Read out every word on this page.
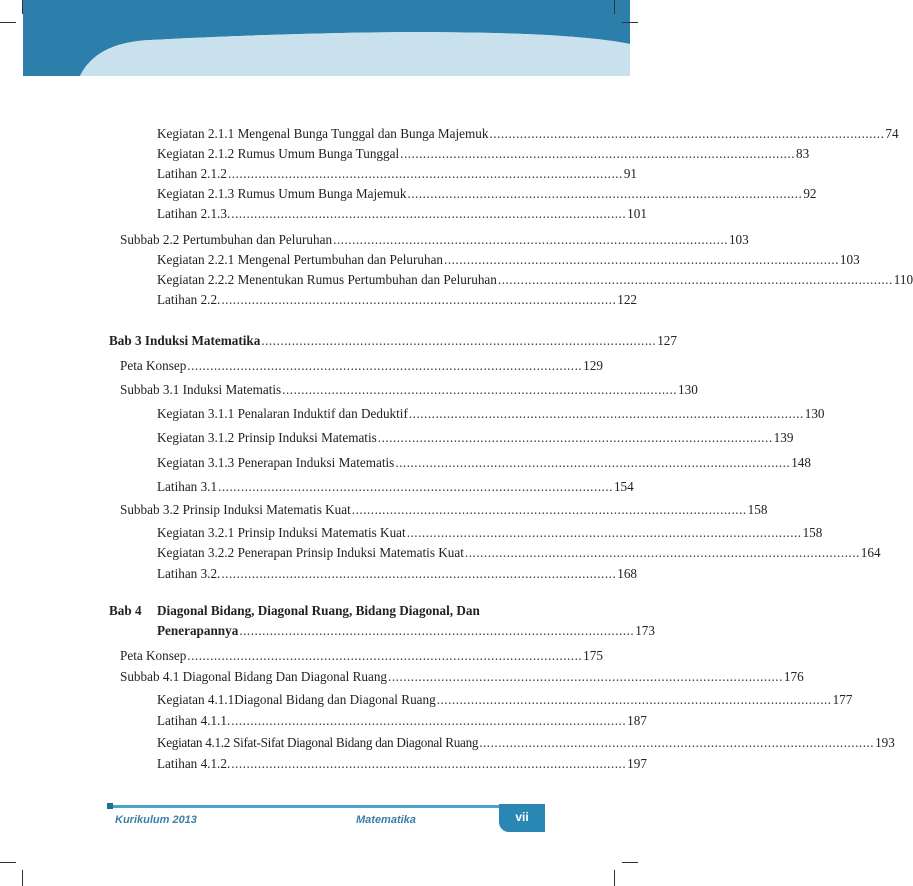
Kegiatan 2.1.1 Mengenal Bunga Tunggal dan Bunga Majemuk ........................................................................................................ 74
Kegiatan 2.1.2 Rumus Umum Bunga Tunggal ........................................................................................................ 83
Latihan 2.1.2 ........................................................................................................ 91
Kegiatan 2.1.3 Rumus Umum Bunga Majemuk ........................................................................................................ 92
Latihan 2.1.3. ........................................................................................................ 101
Subbab 2.2 Pertumbuhan dan Peluruhan ........................................................................................................ 103
Kegiatan 2.2.1 Mengenal Pertumbuhan dan Peluruhan ........................................................................................................ 103
Kegiatan 2.2.2 Menentukan Rumus Pertumbuhan dan Peluruhan ........................................................................................................ 110
Latihan 2.2. ........................................................................................................ 122
Bab 3 Induksi Matematika ........................................................................................................ 127
Peta Konsep ........................................................................................................ 129
Subbab 3.1 Induksi Matematis ........................................................................................................ 130
Kegiatan 3.1.1 Penalaran Induktif dan Deduktif ........................................................................................................ 130
Kegiatan 3.1.2 Prinsip Induksi Matematis ........................................................................................................ 139
Kegiatan 3.1.3 Penerapan Induksi Matematis ........................................................................................................ 148
Latihan 3.1 ........................................................................................................ 154
Subbab 3.2 Prinsip Induksi Matematis Kuat ........................................................................................................ 158
Kegiatan 3.2.1 Prinsip Induksi Matematis Kuat ........................................................................................................ 158
Kegiatan 3.2.2 Penerapan Prinsip Induksi Matematis Kuat ........................................................................................................ 164
Latihan 3.2. ........................................................................................................ 168
Bab 4 Diagonal Bidang, Diagonal Ruang, Bidang Diagonal, Dan
Penerapannya ........................................................................................................ 173
Peta Konsep ........................................................................................................ 175
Subbab 4.1 Diagonal Bidang Dan Diagonal Ruang ........................................................................................................ 176
Kegiatan 4.1.1Diagonal Bidang dan Diagonal Ruang ........................................................................................................ 177
Latihan 4.1.1. ........................................................................................................ 187
Kegiatan 4.1.2 Sifat-Sifat Diagonal Bidang dan Diagonal Ruang ........................................................................................................ 193
Latihan 4.1.2. ........................................................................................................ 197
Kurikulum 2013	Matematika	vii
